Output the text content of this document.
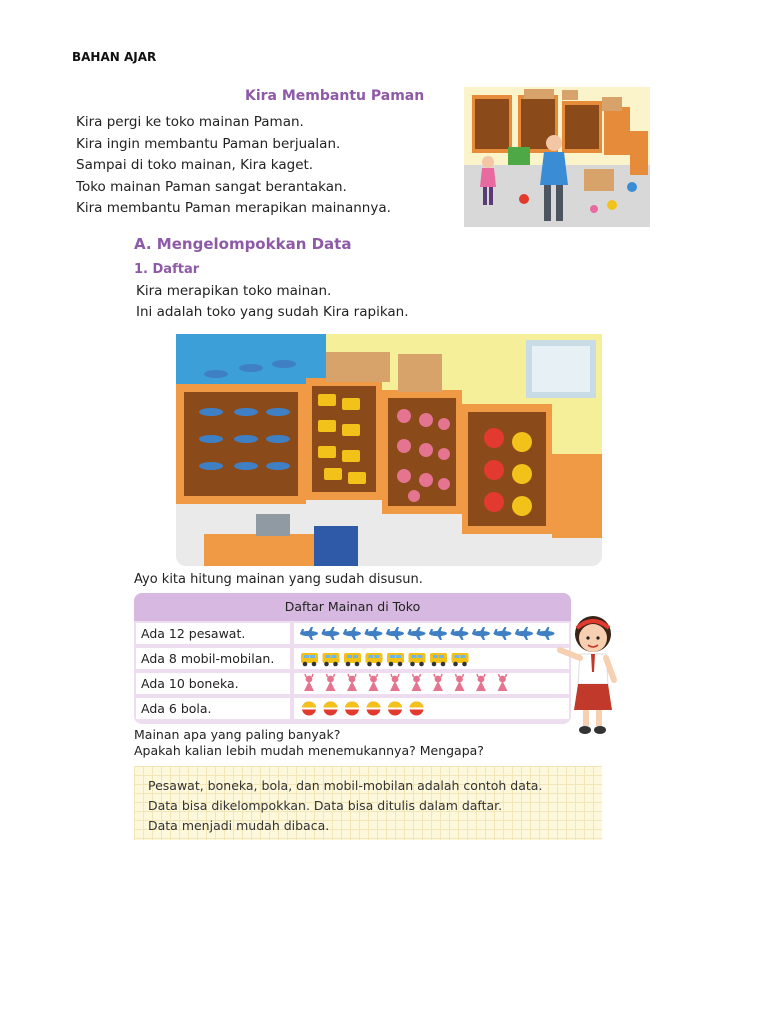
BAHAN AJAR
Kira Membantu Paman
Kira pergi ke toko mainan Paman.
Kira ingin membantu Paman berjualan.
Sampai di toko mainan, Kira kaget.
Toko mainan Paman sangat berantakan.
Kira membantu Paman merapikan mainannya.
A. Mengelompokkan Data
1. Daftar
Kira merapikan toko mainan.
Ini adalah toko yang sudah Kira rapikan.
Ayo kita hitung mainan yang sudah disusun.
Daftar Mainan di Toko
Ada 12 pesawat.
Ada 8 mobil-mobilan.
Ada 10 boneka.
Ada 6 bola.
Mainan apa yang paling banyak?
Apakah kalian lebih mudah menemukannya? Mengapa?
Pesawat, boneka, bola, dan mobil-mobilan adalah contoh data.
Data bisa dikelompokkan. Data bisa ditulis dalam daftar.
Data menjadi mudah dibaca.
